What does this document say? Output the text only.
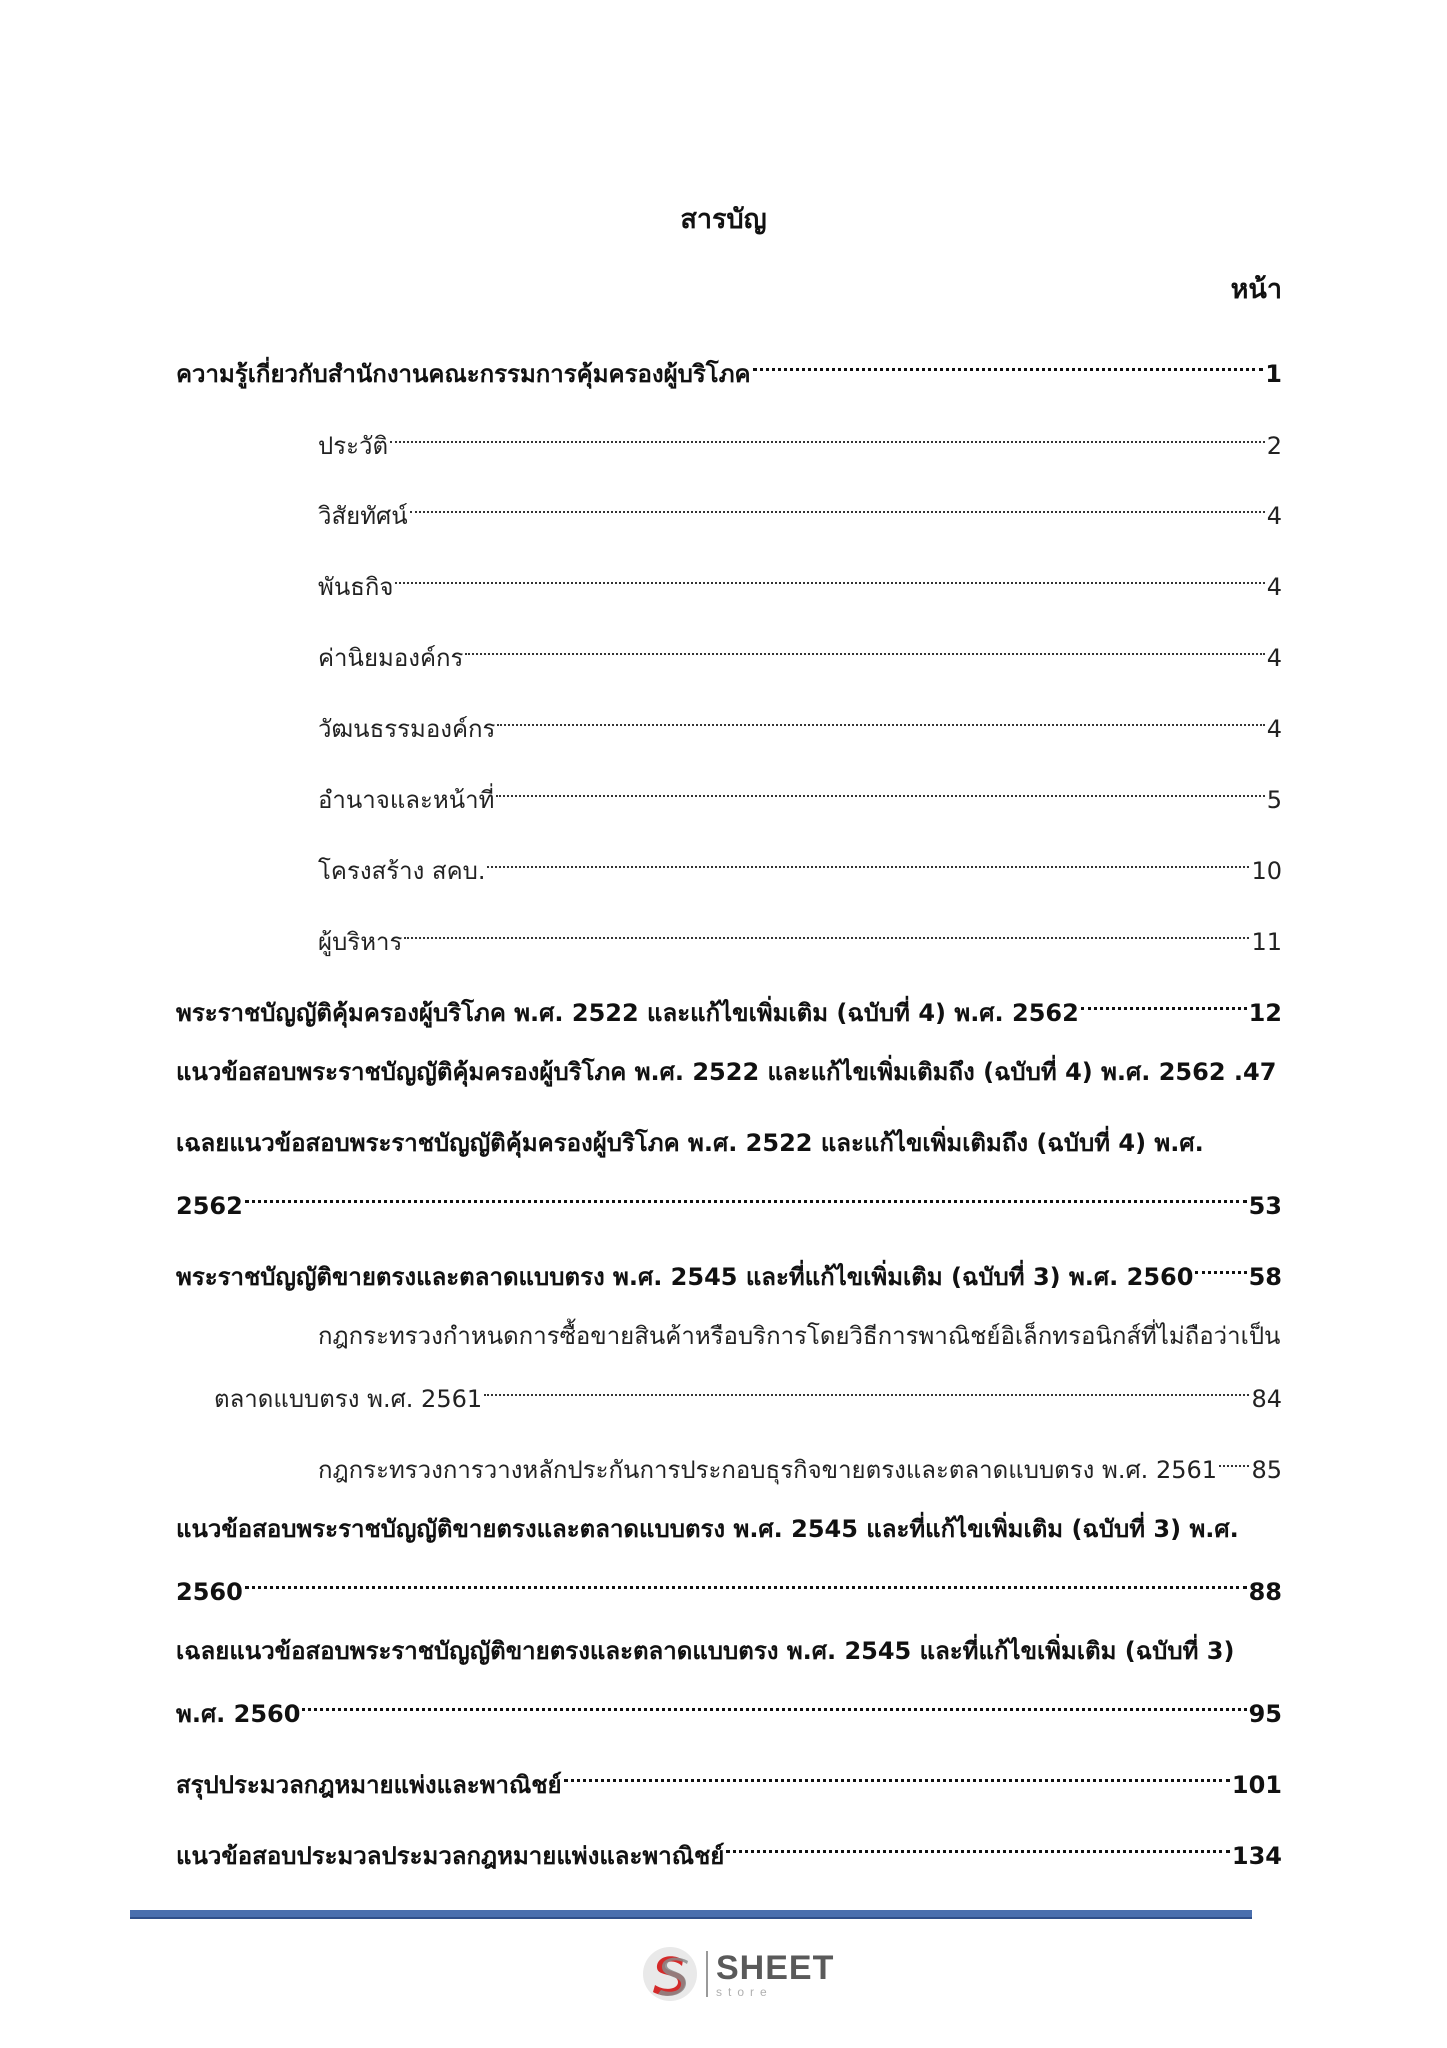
สารบัญ
หน้า
ความรู้เกี่ยวกับสำนักงานคณะกรรมการคุ้มครองผู้บริโภค	1
ประวัติ	2
วิสัยทัศน์	4
พันธกิจ	4
ค่านิยมองค์กร	4
วัฒนธรรมองค์กร	4
อำนาจและหน้าที่	5
โครงสร้าง สคบ.	10
ผู้บริหาร	11
พระราชบัญญัติคุ้มครองผู้บริโภค พ.ศ. 2522 และแก้ไขเพิ่มเติม (ฉบับที่ 4) พ.ศ. 2562	12
แนวข้อสอบพระราชบัญญัติคุ้มครองผู้บริโภค พ.ศ. 2522 และแก้ไขเพิ่มเติมถึง (ฉบับที่ 4) พ.ศ. 2562 .47
เฉลยแนวข้อสอบพระราชบัญญัติคุ้มครองผู้บริโภค พ.ศ. 2522 และแก้ไขเพิ่มเติมถึง (ฉบับที่ 4) พ.ศ.
2562	53
พระราชบัญญัติขายตรงและตลาดแบบตรง พ.ศ. 2545 และที่แก้ไขเพิ่มเติม (ฉบับที่ 3) พ.ศ. 2560 58
กฎกระทรวงกำหนดการซื้อขายสินค้าหรือบริการโดยวิธีการพาณิชย์อิเล็กทรอนิกส์ที่ไม่ถือว่าเป็น
ตลาดแบบตรง พ.ศ. 2561	84
กฎกระทรวงการวางหลักประกันการประกอบธุรกิจขายตรงและตลาดแบบตรง พ.ศ. 2561 85
แนวข้อสอบพระราชบัญญัติขายตรงและตลาดแบบตรง พ.ศ. 2545 และที่แก้ไขเพิ่มเติม (ฉบับที่ 3) พ.ศ.
2560	88
เฉลยแนวข้อสอบพระราชบัญญัติขายตรงและตลาดแบบตรง พ.ศ. 2545 และที่แก้ไขเพิ่มเติม (ฉบับที่ 3)
พ.ศ. 2560	95
สรุปประมวลกฎหมายแพ่งและพาณิชย์	101
แนวข้อสอบประมวลประมวลกฎหมายแพ่งและพาณิชย์	134
SHEET
store
